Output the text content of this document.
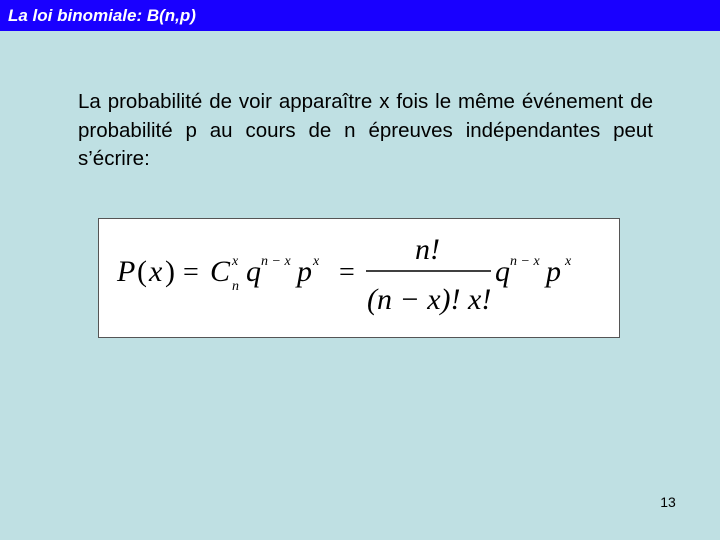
La loi binomiale: B(n,p)
La probabilité de voir apparaître x fois le même événement de probabilité p au cours de n épreuves indépendantes peut s’écrire:
P ( x ) = C x
n q n − x p x =
n!
(n − x)! x!
q n − x p x
13
